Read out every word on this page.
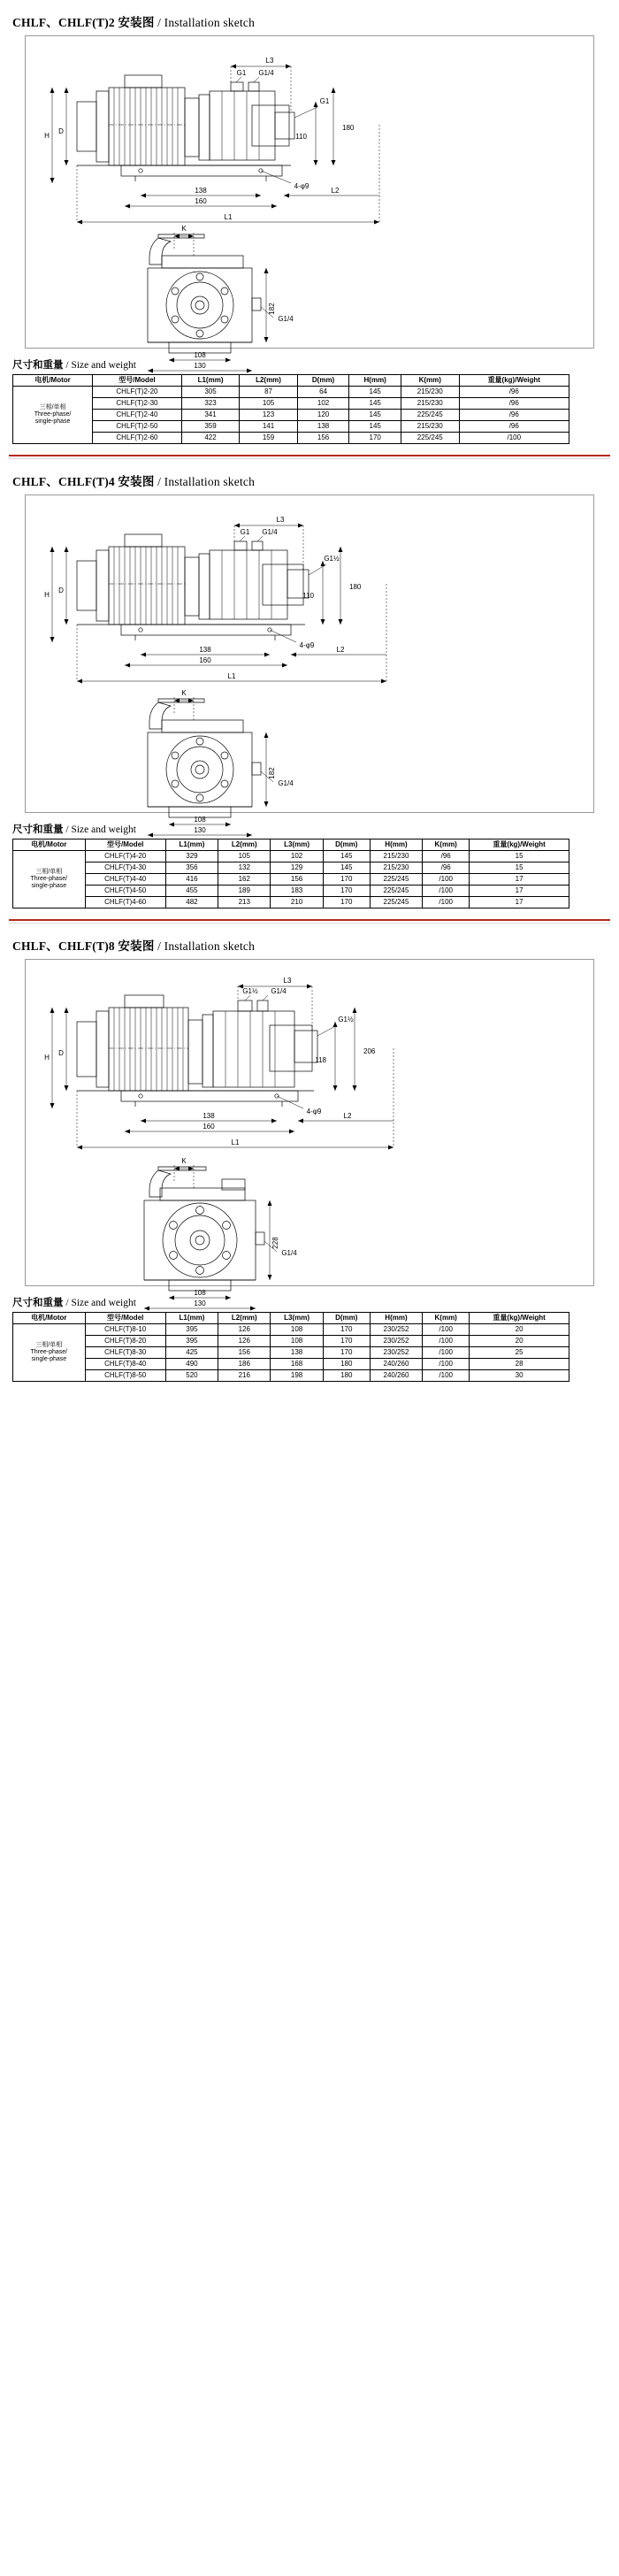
CHLF、CHLF(T)2 安装图 / Installation sketch
L3
G1 G1/4
G1
H
D	180
110
4-φ9
138
160
L2
L1
K
182
G1/4
108
130
尺寸和重量 / Size and weight
电机/Motor	型号/Model	L1(mm)	L2(mm)	D(mm)	H(mm)	K(mm)	重量(kg)/Weight

三相/单相
Three-phase/
single-phase	CHLF(T)2-20	305	87	64	145	215/230	/96
	CHLF(T)2-30	323	105	102	145	215/230	/96
	CHLF(T)2-40	341	123	120	145	225/245	/96
	CHLF(T)2-50	359	141	138	145	215/230	/96
	CHLF(T)2-60	422	159	156	170	225/245	/100
CHLF、CHLF(T)4 安装图 / Installation sketch
L3
G1 G1/4
G1½
H
D	180
110
4-φ9
138
160
L2
L1
K
182
G1/4
108
130
尺寸和重量 / Size and weight
电机/Motor	型号/Model	L1(mm)	L2(mm)	L3(mm)	D(mm)	H(mm)	K(mm)	重量(kg)/Weight

三相/单相
Three-phase/
single-phase	CHLF(T)4-20	329	105	102	145	215/230	/96	15
	CHLF(T)4-30	356	132	129	145	215/230	/96	15
	CHLF(T)4-40	416	162	156	170	225/245	/100	17
	CHLF(T)4-50	455	189	183	170	225/245	/100	17
	CHLF(T)4-60	482	213	210	170	225/245	/100	17
CHLF、CHLF(T)8 安装图 / Installation sketch
L3
G1½ G1/4
G1½
H
D	206
118
4-φ9
138
160
L2
L1
K
228
G1/4
108
130
尺寸和重量 / Size and weight
电机/Motor	型号/Model	L1(mm)	L2(mm)	L3(mm)	D(mm)	H(mm)	K(mm)	重量(kg)/Weight

三相/单相
Three-phase/
single-phase	CHLF(T)8-10	395	126	108	170	230/252	/100	20
	CHLF(T)8-20	395	126	108	170	230/252	/100	20
	CHLF(T)8-30	425	156	138	170	230/252	/100	25
	CHLF(T)8-40	490	186	168	180	240/260	/100	28
	CHLF(T)8-50	520	216	198	180	240/260	/100	30
